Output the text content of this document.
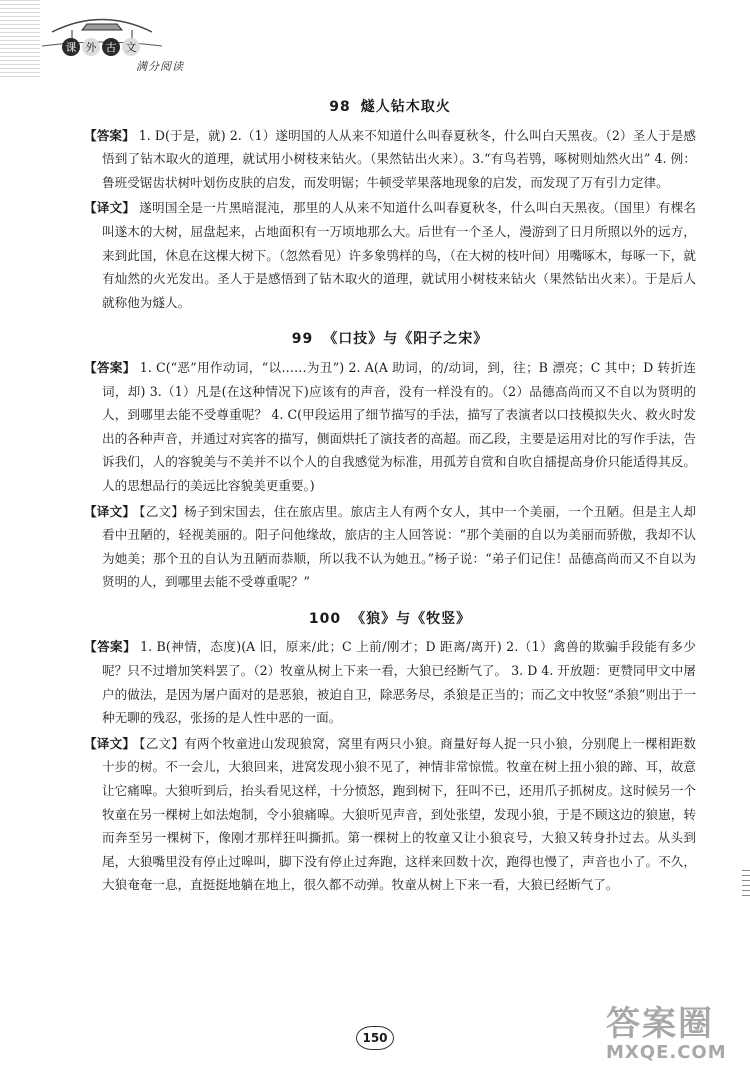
课 外 古 文
满分阅读
98 燧人钻木取火

【答案】 1. D(于是，就) 2.（1）遂明国的人从来不知道什么叫春夏秋冬，什么叫白天黑夜。（2）圣人于是感悟到了钻木取火的道理，就试用小树枝来钻火。（果然钻出火来）。3.“有鸟若鸮，啄树则灿然火出” 4. 例：鲁班受锯齿状树叶划伤皮肤的启发，而发明锯；牛顿受苹果落地现象的启发，而发现了万有引力定律。

【译文】 遂明国全是一片黑暗混沌，那里的人从来不知道什么叫春夏秋冬，什么叫白天黑夜。（国里）有棵名叫遂木的大树，屈盘起来，占地面积有一万顷地那么大。后世有一个圣人，漫游到了日月所照以外的远方，来到此国，休息在这棵大树下。（忽然看见）许多象鸮样的鸟，（在大树的枝叶间）用嘴啄木，每啄一下，就有灿然的火光发出。圣人于是感悟到了钻木取火的道理，就试用小树枝来钻火（果然钻出火来）。于是后人就称他为燧人。

99 《口技》与《阳子之宋》

【答案】 1. C(“恶”用作动词，“以……为丑”) 2. A(A 助词，的/动词，到，往；B 漂亮；C 其中；D 转折连词，却) 3.（1）凡是(在这种情况下)应该有的声音，没有一样没有的。（2）品德高尚而又不自以为贤明的人，到哪里去能不受尊重呢？ 4. C(甲段运用了细节描写的手法，描写了表演者以口技模拟失火、救火时发出的各种声音，并通过对宾客的描写，侧面烘托了演技者的高超。而乙段，主要是运用对比的写作手法，告诉我们，人的容貌美与不美并不以个人的自我感觉为标准，用孤芳自赏和自吹自擂提高身价只能适得其反。人的思想品行的美远比容貌美更重要。)

【译文】 【乙文】杨子到宋国去，住在旅店里。旅店主人有两个女人，其中一个美丽，一个丑陋。但是主人却看中丑陋的，轻视美丽的。阳子问他缘故，旅店的主人回答说：“那个美丽的自以为美丽而骄傲，我却不认为她美；那个丑的自认为丑陋而恭顺，所以我不认为她丑。”杨子说：“弟子们记住！品德高尚而又不自以为贤明的人，到哪里去能不受尊重呢？”

100 《狼》与《牧竖》

【答案】 1. B(神情，态度)(A 旧，原来/此；C 上前/刚才；D 距离/离开) 2.（1）禽兽的欺骗手段能有多少呢？只不过增加笑料罢了。（2）牧童从树上下来一看，大狼已经断气了。 3. D 4. 开放题：更赞同甲文中屠户的做法，是因为屠户面对的是恶狼，被迫自卫，除恶务尽，杀狼是正当的；而乙文中牧竖“杀狼”则出于一种无聊的残忍，张扬的是人性中恶的一面。

【译文】 【乙文】有两个牧童进山发现狼窝，窝里有两只小狼。商量好每人捉一只小狼，分别爬上一棵相距数十步的树。不一会儿，大狼回来，进窝发现小狼不见了，神情非常惊慌。牧童在树上扭小狼的蹄、耳，故意让它痛嗥。大狼听到后，抬头看见这样，十分愤怒，跑到树下，狂叫不已，还用爪子抓树皮。这时候另一个牧童在另一棵树上如法炮制，令小狼痛嗥。大狼听见声音，到处张望，发现小狼，于是不顾这边的狼崽，转而奔至另一棵树下，像刚才那样狂叫撕抓。第一棵树上的牧童又让小狼哀号，大狼又转身扑过去。从头到尾，大狼嘴里没有停止过嗥叫，脚下没有停止过奔跑，这样来回数十次，跑得也慢了，声音也小了。不久，大狼奄奄一息，直挺挺地躺在地上，很久都不动弹。牧童从树上下来一看，大狼已经断气了。

150	答案圈
MXQE.COM
